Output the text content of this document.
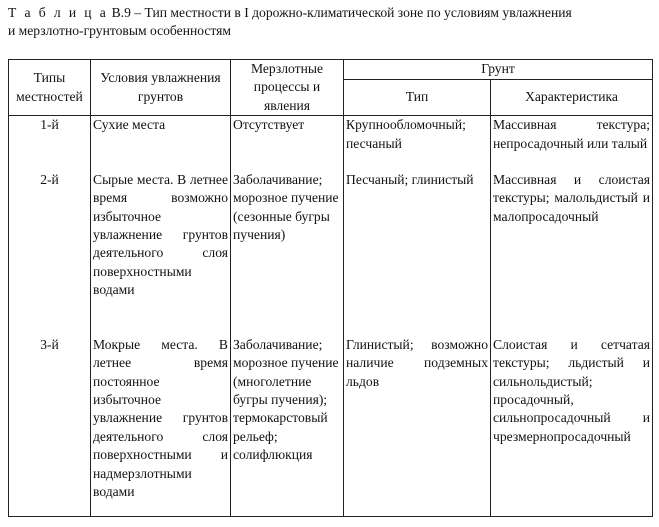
Т а б л и ц а В.9 – Тип местности в I дорожно-климатической зоне по условиям увлажнения
и мерзлотно-грунтовым особенностям
Типы местностей	Условия увлажнения грунтов	Мерзлотные процессы и явления	Грунт	
			Тип	Характеристика
1-й	Сухие места	Отсутствует	Крупнообломочный; песчаный	Массивная текстура; непросадочный или талый
2-й	Сырые места. В летнее время возможно избыточное увлажнение грунтов деятельного слоя поверхностными водами	Заболачивание; морозное пучение (сезонные бугры пучения)	Песчаный; глинистый	Массивная и слоистая текстуры; малольдистый и малопросадочный
3-й	Мокрые места. В летнее время постоянное избыточное увлажнение грунтов деятельного слоя поверхностными и надмерзлотными водами	Заболачивание; морозное пучение (многолетние бугры пучения); термокарстовый рельеф; солифлюкция	Глинистый; возможно наличие подземных льдов	Слоистая и сетчатая текстуры; льдистый и сильнольдистый; просадочный, сильнопросадочный и чрезмернопросадочный
